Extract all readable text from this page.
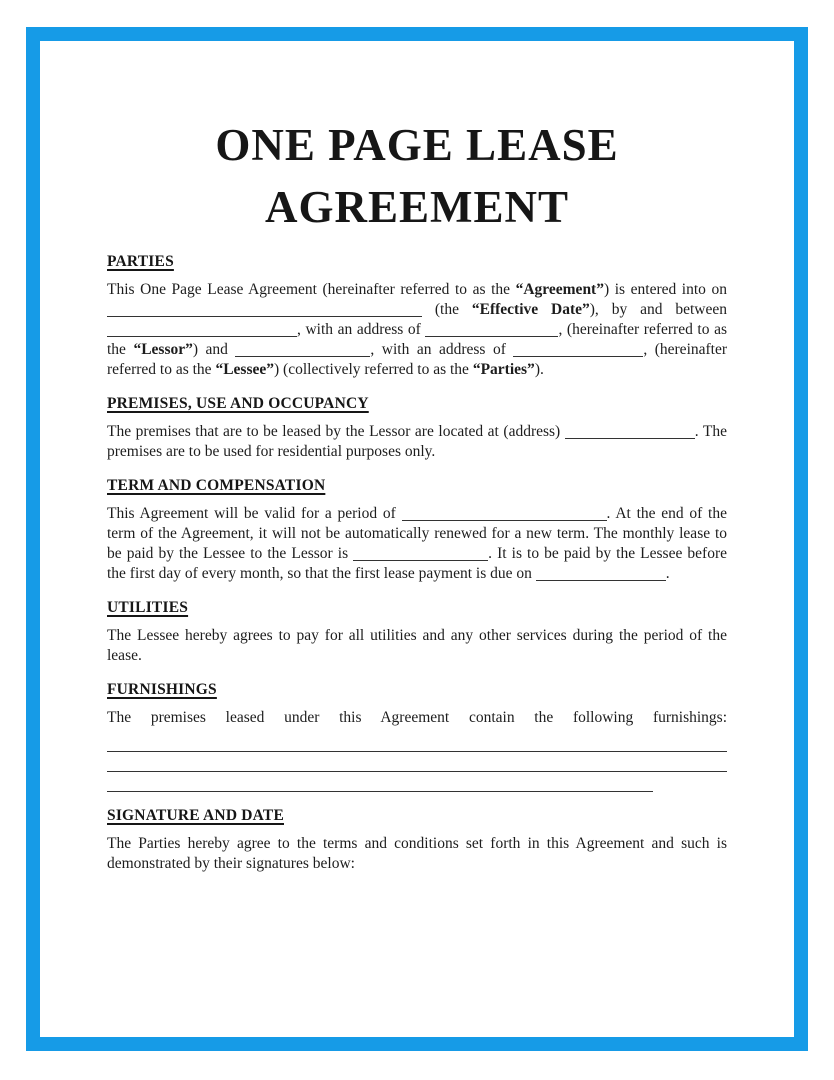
ONE PAGE LEASE AGREEMENT
PARTIES

This One Page Lease Agreement (hereinafter referred to as the “Agreement”) is entered into on  (the “Effective Date”), by and between , with an address of	, (hereinafter referred to as the “Lessor”) and	, with an address of	, (hereinafter referred to as the “Lessee”) (collectively referred to as the “Parties”).

PREMISES, USE AND OCCUPANCY

The premises that are to be leased by the Lessor are located at (address)	. The premises are to be used for residential purposes only.

TERM AND COMPENSATION

This Agreement will be valid for a period of	. At the end of the term of the Agreement, it will not be automatically renewed for a new term. The monthly lease to be paid by the Lessee to the Lessor is	. It is to be paid by the Lessee before the first day of every month, so that the first lease payment is due on	.

UTILITIES

The Lessee hereby agrees to pay for all utilities and any other services during the period of the lease.

FURNISHINGS

The premises leased under this Agreement contain the following furnishings:

SIGNATURE AND DATE

The Parties hereby agree to the terms and conditions set forth in this Agreement and such is demonstrated by their signatures below:
